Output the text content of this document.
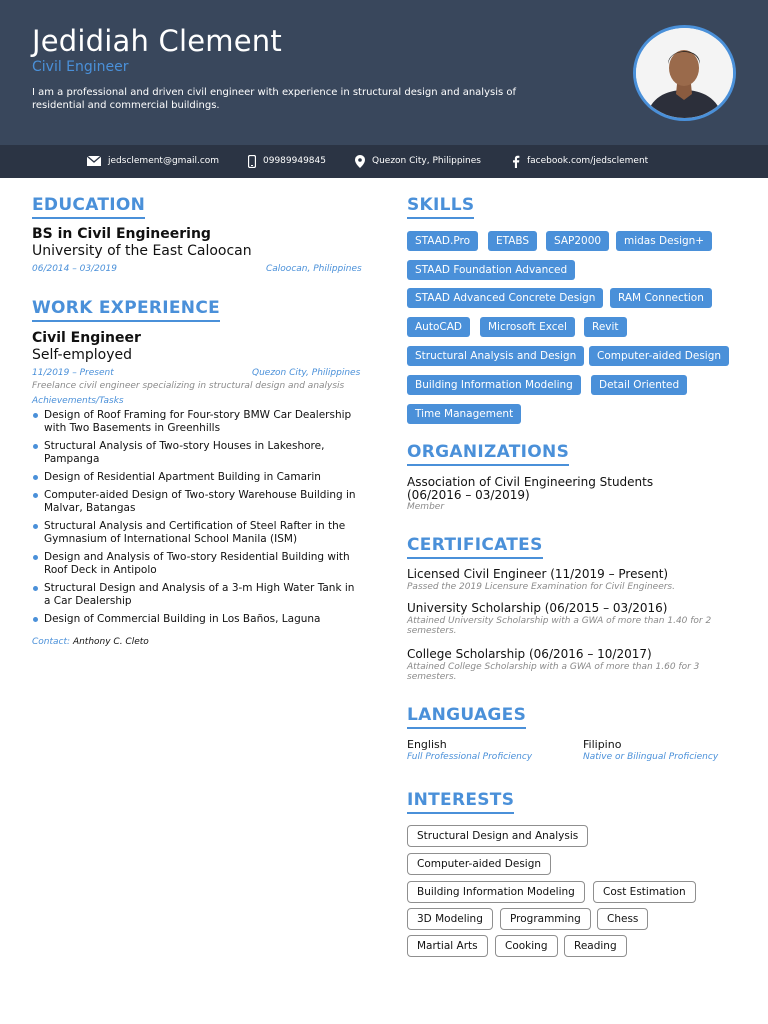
Jedidiah Clement
Civil Engineer
I am a professional and driven civil engineer with experience in structural design and analysis of residential and commercial buildings.
jedsclement@gmail.com	09989949845	Quezon City, Philippines	facebook.com/jedsclement
EDUCATION
BS in Civil Engineering
University of the East Caloocan
06/2014 – 03/2019	Caloocan, Philippines
WORK EXPERIENCE
Civil Engineer
Self-employed
11/2019 – Present	Quezon City, Philippines
Freelance civil engineer specializing in structural design and analysis
Achievements/Tasks
Design of Roof Framing for Four-story BMW Car Dealership with Two Basements in Greenhills
Structural Analysis of Two-story Houses in Lakeshore, Pampanga
Design of Residential Apartment Building in Camarin
Computer-aided Design of Two-story Warehouse Building in Malvar, Batangas
Structural Analysis and Certification of Steel Rafter in the Gymnasium of International School Manila (ISM)
Design and Analysis of Two-story Residential Building with Roof Deck in Antipolo
Structural Design and Analysis of a 3-m High Water Tank in a Car Dealership
Design of Commercial Building in Los Baños, Laguna
Contact: Anthony C. Cleto
SKILLS
STAAD.Pro	ETABS	SAP2000	midas Design+
STAAD Foundation Advanced
STAAD Advanced Concrete Design	RAM Connection
AutoCAD	Microsoft Excel	Revit
Structural Analysis and Design	Computer-aided Design
Building Information Modeling	Detail Oriented
Time Management
ORGANIZATIONS
Association of Civil Engineering Students
(06/2016 – 03/2019)
Member
CERTIFICATES
Licensed Civil Engineer (11/2019 – Present)
Passed the 2019 Licensure Examination for Civil Engineers.
University Scholarship (06/2015 – 03/2016)
Attained University Scholarship with a GWA of more than 1.40 for 2
semesters.
College Scholarship (06/2016 – 10/2017)
Attained College Scholarship with a GWA of more than 1.60 for 3
semesters.
LANGUAGES
English
Full Professional Proficiency
Filipino
Native or Bilingual Proficiency
INTERESTS
Structural Design and Analysis
Computer-aided Design
Building Information Modeling	Cost Estimation
3D Modeling	Programming	Chess
Martial Arts	Cooking	Reading
